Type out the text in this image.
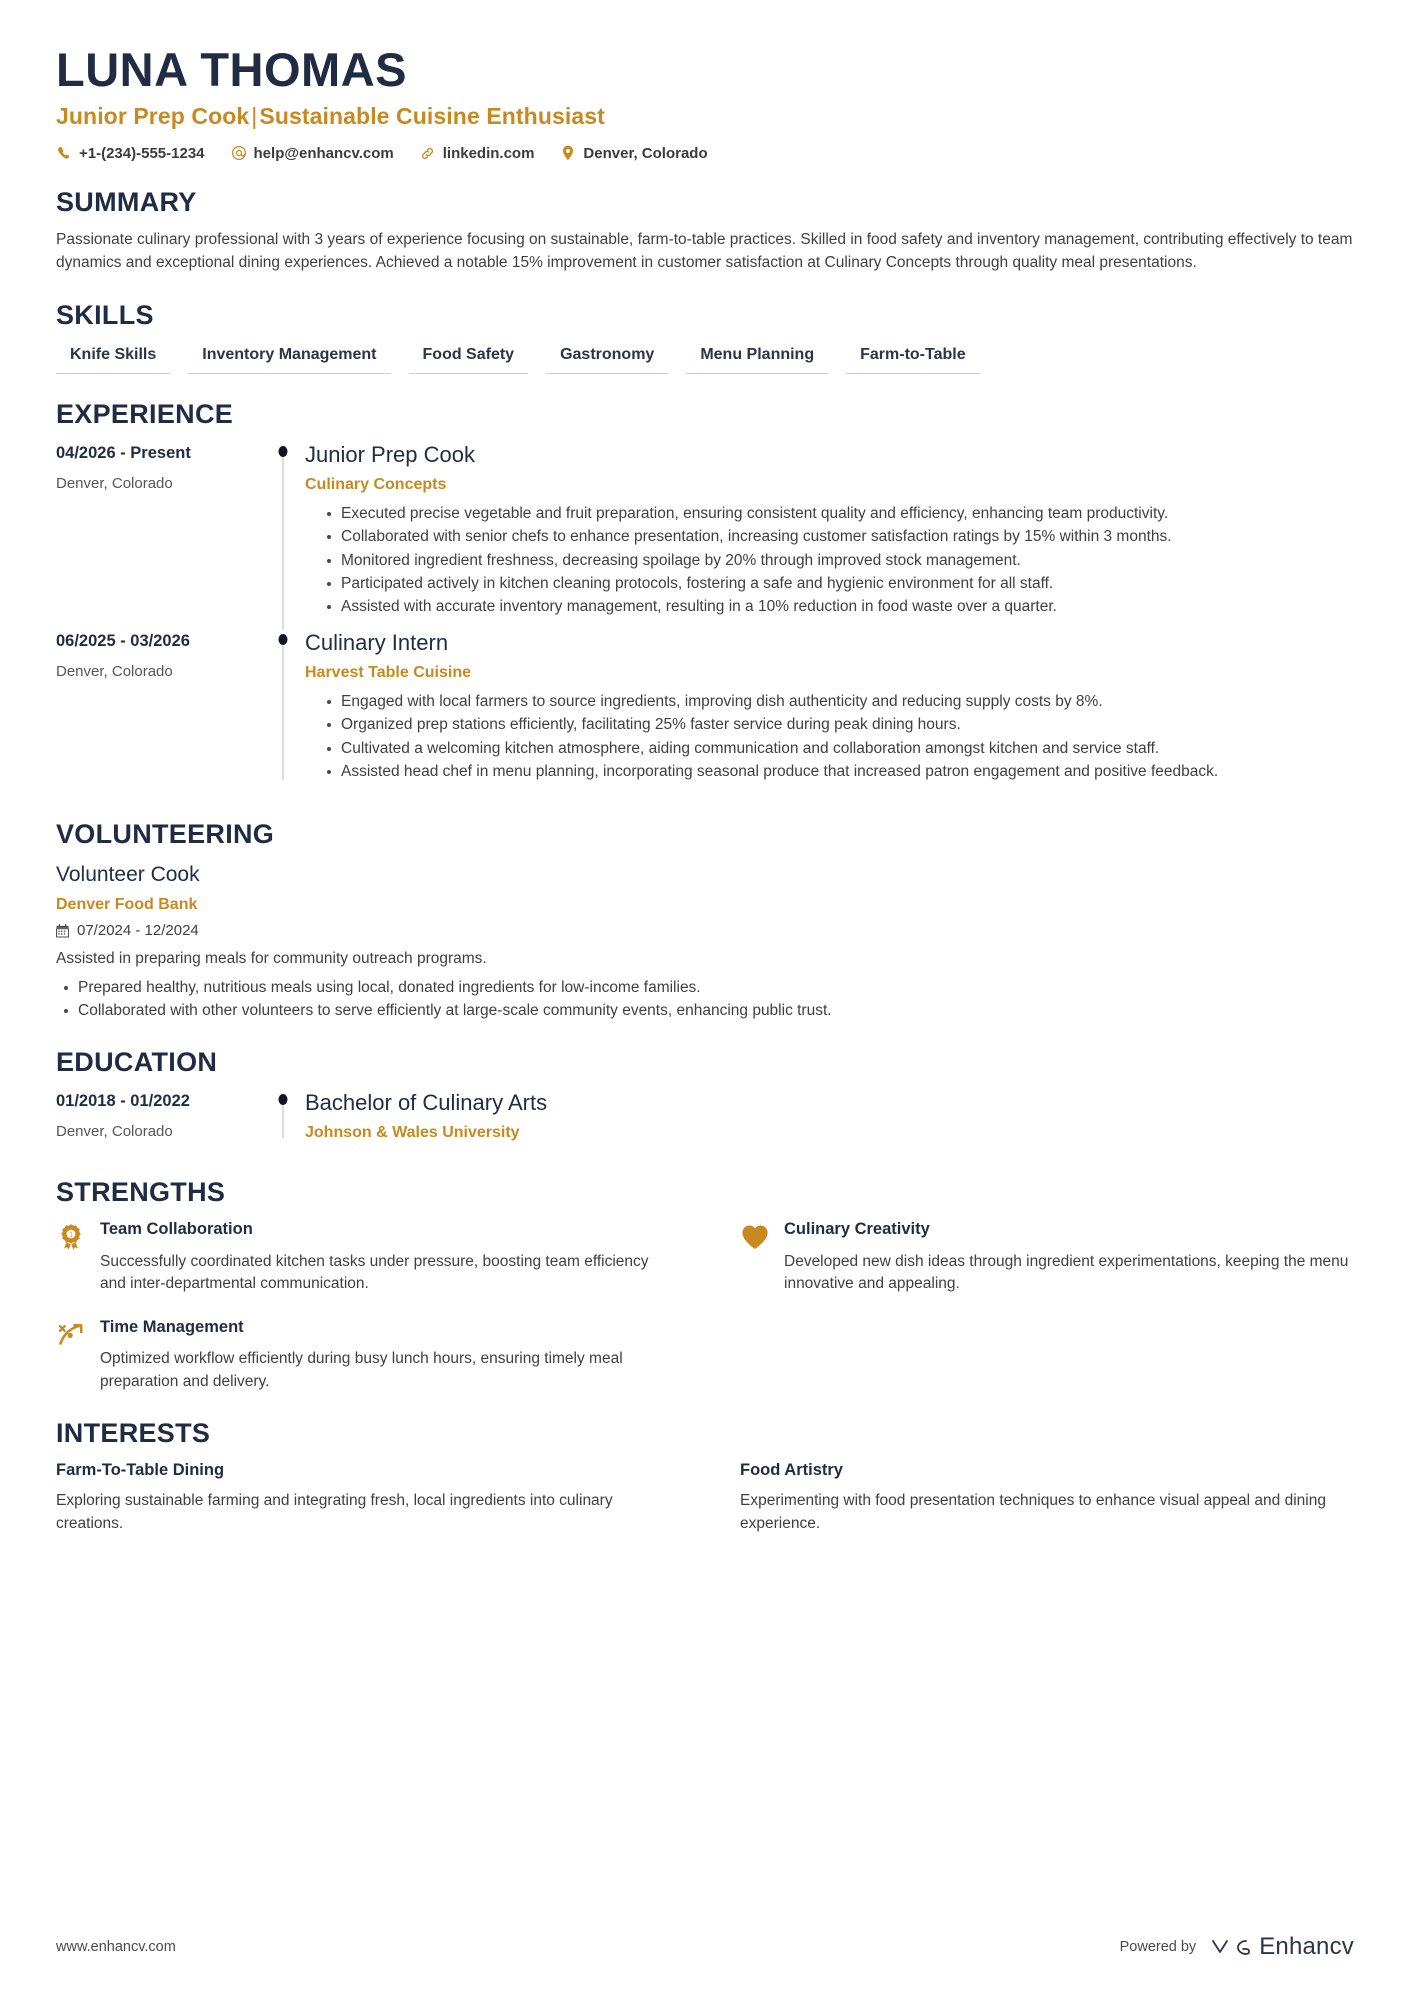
LUNA THOMAS
Junior Prep Cook|Sustainable Cuisine Enthusiast
+1-(234)-555-1234	help@enhancv.com	linkedin.com	Denver, Colorado
SUMMARY
Passionate culinary professional with 3 years of experience focusing on sustainable, farm-to-table practices. Skilled in food safety and inventory management, contributing effectively to team dynamics and exceptional dining experiences. Achieved a notable 15% improvement in customer satisfaction at Culinary Concepts through quality meal presentations.
SKILLS
Knife Skills	Inventory Management	Food Safety	Gastronomy	Menu Planning	Farm-to-Table
EXPERIENCE
04/2026 - Present
Denver, Colorado
Junior Prep Cook
Culinary Concepts
Executed precise vegetable and fruit preparation, ensuring consistent quality and efficiency, enhancing team productivity.
Collaborated with senior chefs to enhance presentation, increasing customer satisfaction ratings by 15% within 3 months.
Monitored ingredient freshness, decreasing spoilage by 20% through improved stock management.
Participated actively in kitchen cleaning protocols, fostering a safe and hygienic environment for all staff.
Assisted with accurate inventory management, resulting in a 10% reduction in food waste over a quarter.
06/2025 - 03/2026
Denver, Colorado
Culinary Intern
Harvest Table Cuisine
Engaged with local farmers to source ingredients, improving dish authenticity and reducing supply costs by 8%.
Organized prep stations efficiently, facilitating 25% faster service during peak dining hours.
Cultivated a welcoming kitchen atmosphere, aiding communication and collaboration amongst kitchen and service staff.
Assisted head chef in menu planning, incorporating seasonal produce that increased patron engagement and positive feedback.
VOLUNTEERING
Volunteer Cook
Denver Food Bank
07/2024 - 12/2024
Assisted in preparing meals for community outreach programs.
Prepared healthy, nutritious meals using local, donated ingredients for low-income families.
Collaborated with other volunteers to serve efficiently at large-scale community events, enhancing public trust.
EDUCATION
01/2018 - 01/2022
Denver, Colorado
Bachelor of Culinary Arts
Johnson & Wales University
STRENGTHS
1 Team Collaboration
Successfully coordinated kitchen tasks under pressure, boosting team efficiency and inter-departmental communication.
Culinary Creativity
Developed new dish ideas through ingredient experimentations, keeping the menu innovative and appealing.
Time Management
Optimized workflow efficiently during busy lunch hours, ensuring timely meal preparation and delivery.
INTERESTS
Farm-To-Table Dining
Exploring sustainable farming and integrating fresh, local ingredients into culinary creations.
Food Artistry
Experimenting with food presentation techniques to enhance visual appeal and dining experience.
www.enhancv.com	Powered by	Enhancv
